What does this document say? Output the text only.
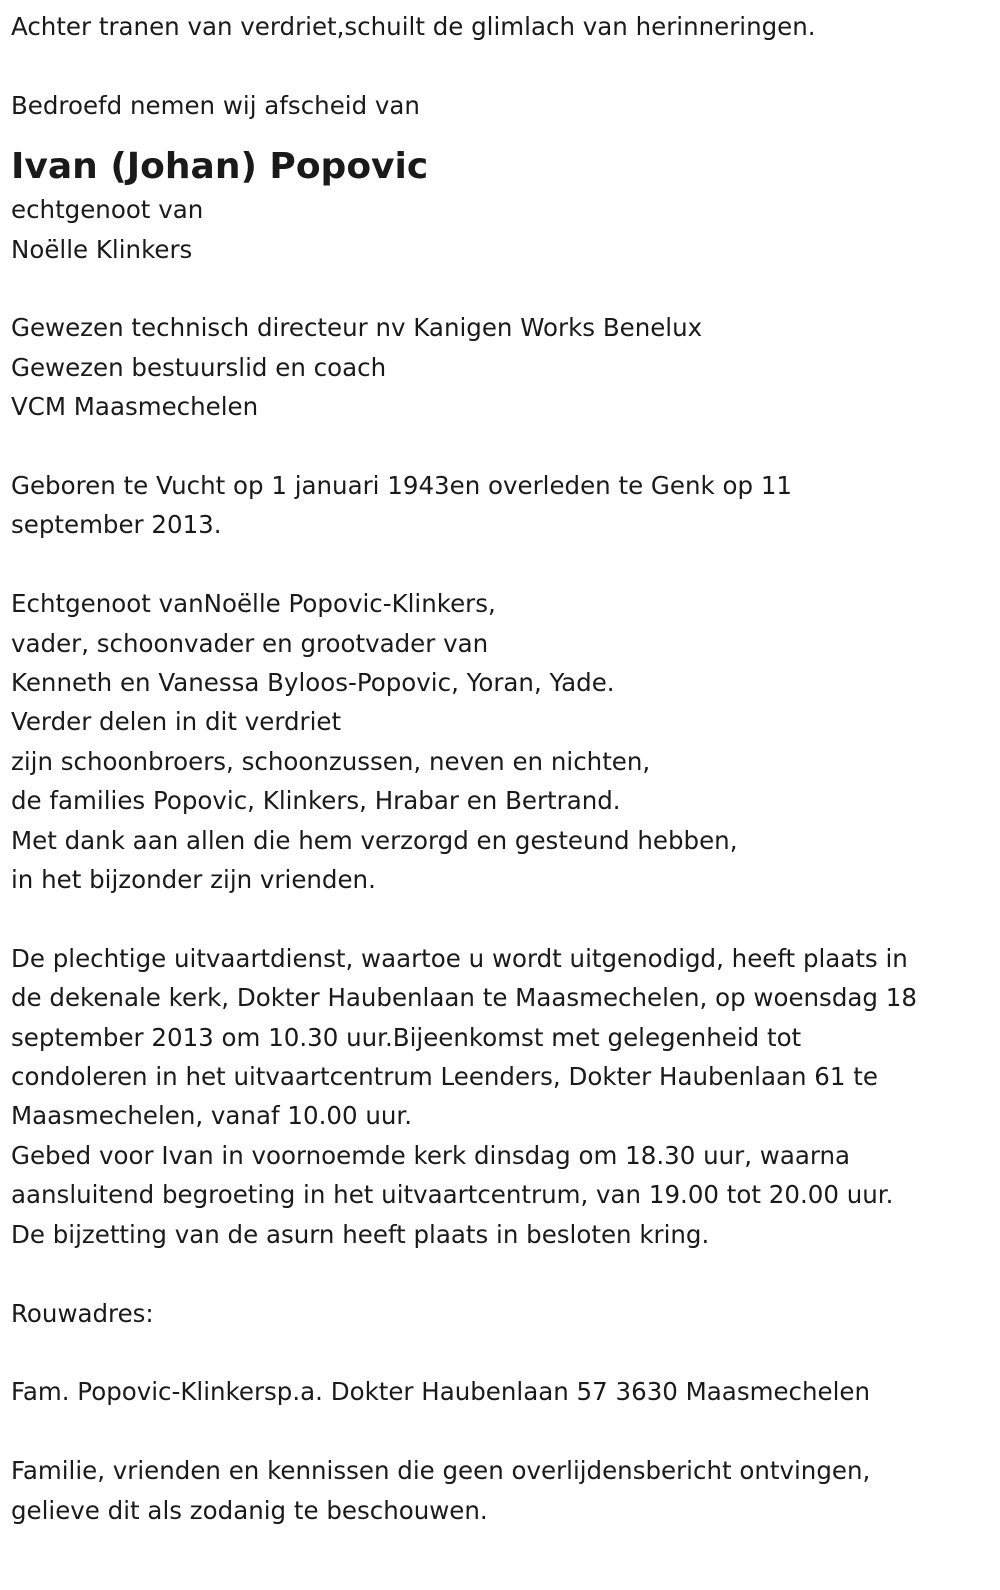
Achter tranen van verdriet,schuilt de glimlach van herinneringen.
Bedroefd nemen wij afscheid van
Ivan (Johan) Popovic
echtgenoot van
Noëlle Klinkers
Gewezen technisch directeur nv Kanigen Works Benelux
Gewezen bestuurslid en coach
VCM Maasmechelen
Geboren te Vucht op 1 januari 1943en overleden te Genk op 11
september 2013.
Echtgenoot vanNoëlle Popovic-Klinkers,
vader, schoonvader en grootvader van
Kenneth en Vanessa Byloos-Popovic, Yoran, Yade.
Verder delen in dit verdriet
zijn schoonbroers, schoonzussen, neven en nichten,
de families Popovic, Klinkers, Hrabar en Bertrand.
Met dank aan allen die hem verzorgd en gesteund hebben,
in het bijzonder zijn vrienden.
De plechtige uitvaartdienst, waartoe u wordt uitgenodigd, heeft plaats in
de dekenale kerk, Dokter Haubenlaan te Maasmechelen, op woensdag 18
september 2013 om 10.30 uur.Bijeenkomst met gelegenheid tot
condoleren in het uitvaartcentrum Leenders, Dokter Haubenlaan 61 te
Maasmechelen, vanaf 10.00 uur.
Gebed voor Ivan in voornoemde kerk dinsdag om 18.30 uur, waarna
aansluitend begroeting in het uitvaartcentrum, van 19.00 tot 20.00 uur.
De bijzetting van de asurn heeft plaats in besloten kring.
Rouwadres:
Fam. Popovic-Klinkersp.a. Dokter Haubenlaan 57 3630 Maasmechelen
Familie, vrienden en kennissen die geen overlijdensbericht ontvingen,
gelieve dit als zodanig te beschouwen.
